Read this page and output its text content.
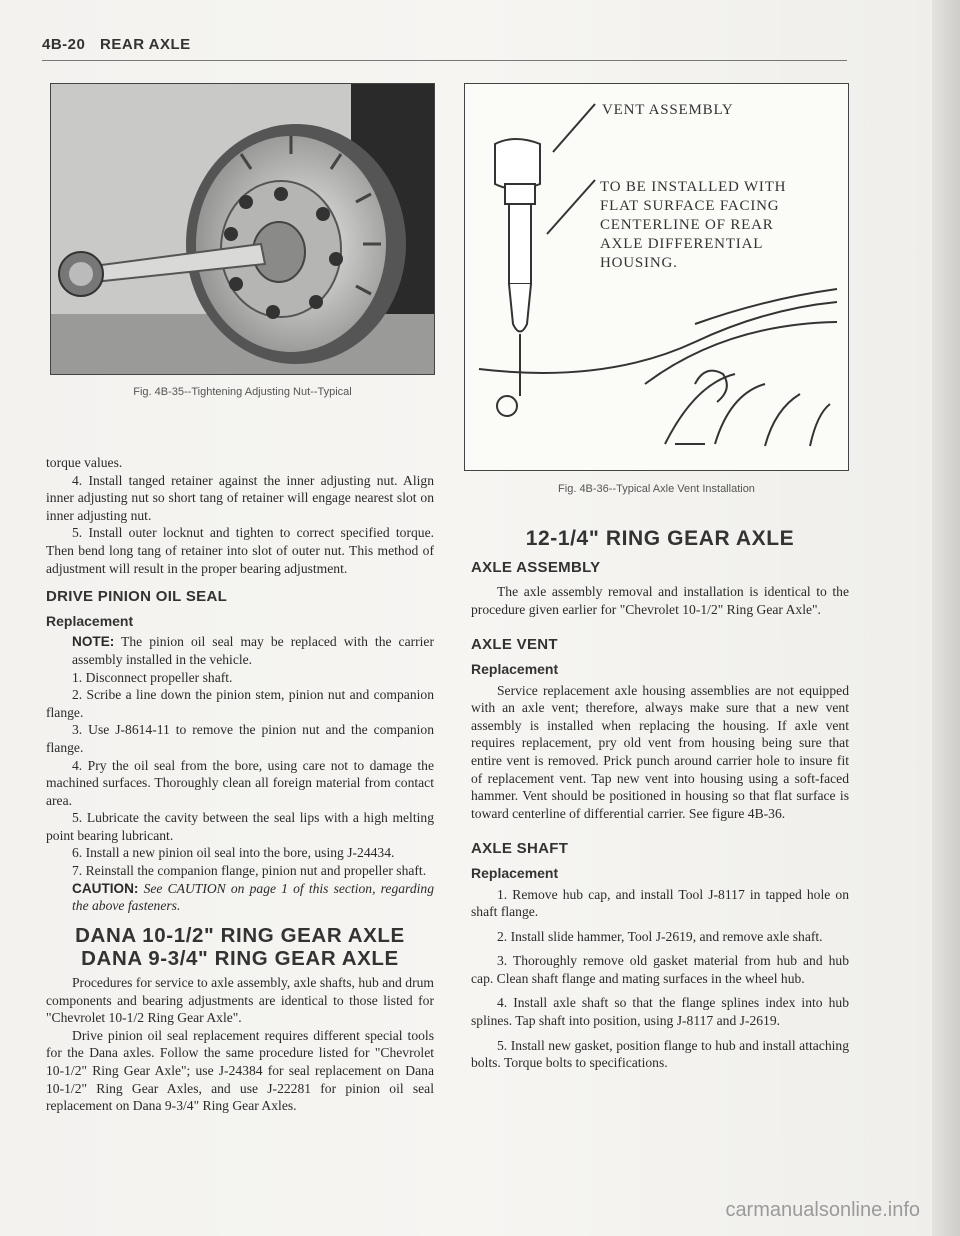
4B-20 REAR AXLE
Fig. 4B-35--Tightening Adjusting Nut--Typical
VENT ASSEMBLY
TO BE INSTALLED WITH
FLAT SURFACE FACING
CENTERLINE OF REAR
AXLE DIFFERENTIAL
HOUSING.
Fig. 4B-36--Typical Axle Vent Installation

torque values.

4. Install tanged retainer against the inner adjusting nut. Align inner adjusting nut so short tang of retainer will engage nearest slot on inner adjusting nut.

5. Install outer locknut and tighten to correct specified torque. Then bend long tang of retainer into slot of outer nut. This method of adjustment will result in the proper bearing adjustment.

DRIVE PINION OIL SEAL
Replacement

NOTE: The pinion oil seal may be replaced with the carrier assembly installed in the vehicle.

1. Disconnect propeller shaft.

2. Scribe a line down the pinion stem, pinion nut and companion flange.

3. Use J-8614-11 to remove the pinion nut and the companion flange.

4. Pry the oil seal from the bore, using care not to damage the machined surfaces. Thoroughly clean all foreign material from contact area.

5. Lubricate the cavity between the seal lips with a high melting point bearing lubricant.

6. Install a new pinion oil seal into the bore, using J-24434.

7. Reinstall the companion flange, pinion nut and propeller shaft.

CAUTION: See CAUTION on page 1 of this section, regarding the above fasteners.

DANA 10-1/2" RING GEAR AXLE
DANA 9-3/4" RING GEAR AXLE

Procedures for service to axle assembly, axle shafts, hub and drum components and bearing adjustments are identical to those listed for "Chevrolet 10-1/2 Ring Gear Axle".

Drive pinion oil seal replacement requires different special tools for the Dana axles. Follow the same procedure listed for "Chevrolet 10-1/2" Ring Gear Axle"; use J-24384 for seal replacement on Dana 10-1/2" Ring Gear Axles, and use J-22281 for pinion oil seal replacement on Dana 9-3/4" Ring Gear Axles.

12-1/4" RING GEAR AXLE
AXLE ASSEMBLY

The axle assembly removal and installation is identical to the procedure given earlier for "Chevrolet 10-1/2" Ring Gear Axle".

AXLE VENT
Replacement

Service replacement axle housing assemblies are not equipped with an axle vent; therefore, always make sure that a new vent assembly is installed when replacing the housing. If axle vent requires replacement, pry old vent from housing being sure that entire vent is removed. Prick punch around carrier hole to insure fit of replacement vent. Tap new vent into housing using a soft-faced hammer. Vent should be positioned in housing so that flat surface is toward centerline of differential carrier. See figure 4B-36.

AXLE SHAFT
Replacement

1. Remove hub cap, and install Tool J-8117 in tapped hole on shaft flange.

2. Install slide hammer, Tool J-2619, and remove axle shaft.

3. Thoroughly remove old gasket material from hub and hub cap. Clean shaft flange and mating surfaces in the wheel hub.

4. Install axle shaft so that the flange splines index into hub splines. Tap shaft into position, using J-8117 and J-2619.

5. Install new gasket, position flange to hub and install attaching bolts. Torque bolts to specifications.

carmanualsonline.info
